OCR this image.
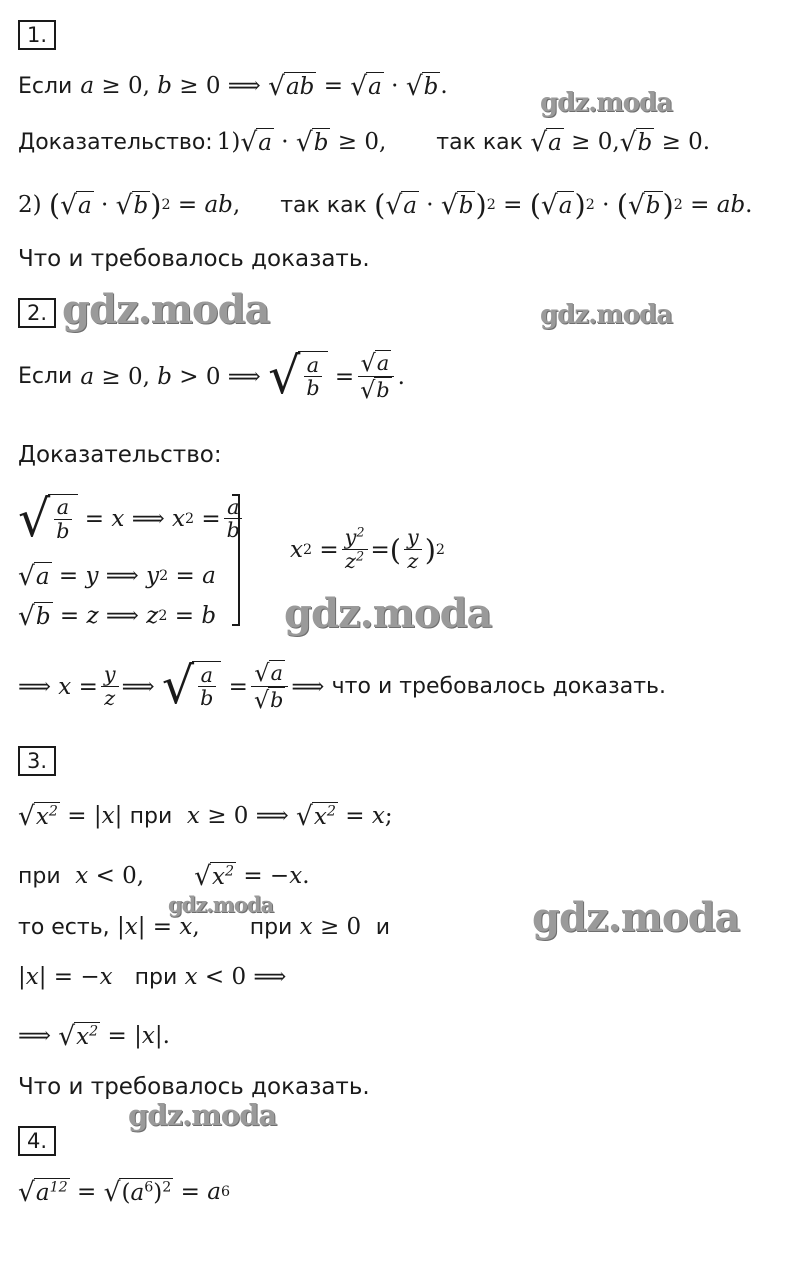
1.
Если a ≥ 0, b ≥ 0 ⟹ √ ab = √ a · √ b .
Доказательство: 1) √ a · √ b ≥ 0, так как
√ a ≥ 0, √ b ≥ 0.
2) ( √ a · √ b ) 2 = ab , так как
( √ a · √ b ) 2 = ( √ a ) 2 · ( √ b ) 2 = ab .
Что и требовалось доказать.
2.
Если a ≥ 0, b > 0 ⟹ √ $\frac{a}{b} = \frac{√ a}{√ b}$ .
Доказательство:
√ $\frac{a}{b} = x$ ⟹ x $2 = \frac{a}{b}$
√ a = y ⟹ y 2 = a
√ b = z ⟹ z 2 = b
x $2 = \frac{y^2}{z^2}$ = ( $\frac{y}{z}$ ) 2
⟹ $x = \frac{y}{z}$ ⟹ √ $\frac{a}{b} = \frac{√ a}{√ b}$ ⟹ что и требовалось доказать.
3.
√ $x^2$ = | x | при
x ≥ 0 ⟹ √ $x^2 = x$ ;
при
x < 0, √ $x^2$ = − x .
то есть, | x | = x , при
x ≥ 0 и
| x | = − x при
x < 0 ⟹
⟹ √ $x^2$ = | x |.
Что и требовалось доказать.
4.
√ $a^{12}$ = √ $(a^6)^2 = a$ 6
gdz.moda
gdz.moda	gdz.moda
gdz.moda
gdz.moda	gdz.moda
gdz.moda
